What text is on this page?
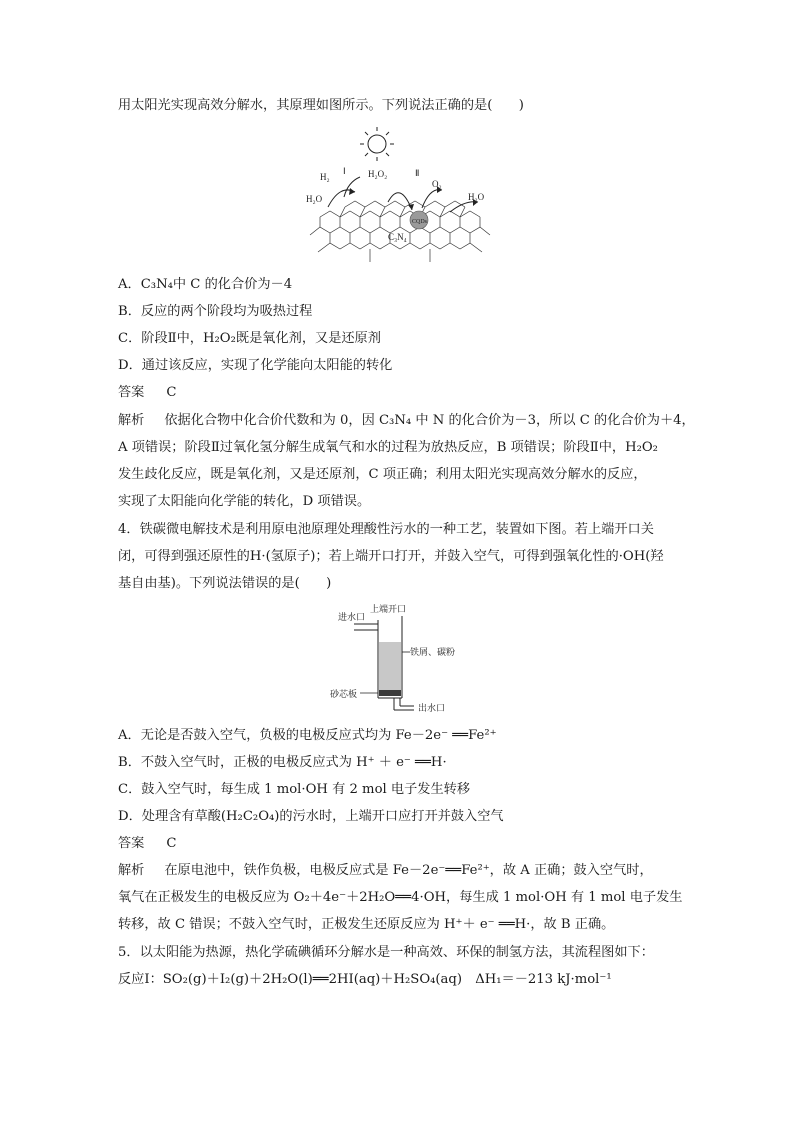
用太阳光实现高效分解水，其原理如图所示。下列说法正确的是(　　)
CQDs
Ⅰ	Ⅱ
H₂	H₂O₂
O₂
H₂O	H₂O
C₃N₄
A．C₃N₄中 C 的化合价为－4
B．反应的两个阶段均为吸热过程
C．阶段Ⅱ中，H₂O₂既是氧化剂，又是还原剂
D．通过该反应，实现了化学能向太阳能的转化
答案 C
解析 依据化合物中化合价代数和为 0，因 C₃N₄ 中 N 的化合价为－3，所以 C 的化合价为＋4，
A 项错误；阶段Ⅱ过氧化氢分解生成氧气和水的过程为放热反应，B 项错误；阶段Ⅱ中，H₂O₂
发生歧化反应，既是氧化剂，又是还原剂，C 项正确；利用太阳光实现高效分解水的反应，
实现了太阳能向化学能的转化，D 项错误。
4．铁碳微电解技术是利用原电池原理处理酸性污水的一种工艺，装置如下图。若上端开口关
闭，可得到强还原性的H·(氢原子)；若上端开口打开，并鼓入空气，可得到强氧化性的·OH(羟
基自由基)。下列说法错误的是(　　)
上端开口
进水口
铁屑、碳粉
砂芯板
出水口
A．无论是否鼓入空气，负极的电极反应式均为 Fe－2e⁻ ══Fe²⁺
B．不鼓入空气时，正极的电极反应式为 H⁺ ＋ e⁻ ══H·
C．鼓入空气时，每生成 1 mol·OH 有 2 mol 电子发生转移
D．处理含有草酸(H₂C₂O₄)的污水时，上端开口应打开并鼓入空气
答案 C
解析 在原电池中，铁作负极，电极反应式是 Fe－2e⁻══Fe²⁺，故 A 正确；鼓入空气时，
氧气在正极发生的电极反应为 O₂＋4e⁻＋2H₂O══4·OH，每生成 1 mol·OH 有 1 mol 电子发生
转移，故 C 错误；不鼓入空气时，正极发生还原反应为 H⁺＋ e⁻ ══H·，故 B 正确。
5．以太阳能为热源，热化学硫碘循环分解水是一种高效、环保的制氢方法，其流程图如下：
反应Ⅰ：SO₂(g)＋I₂(g)＋2H₂O(l)══2HI(aq)＋H₂SO₄(aq)　ΔH₁＝－213 kJ·mol⁻¹
